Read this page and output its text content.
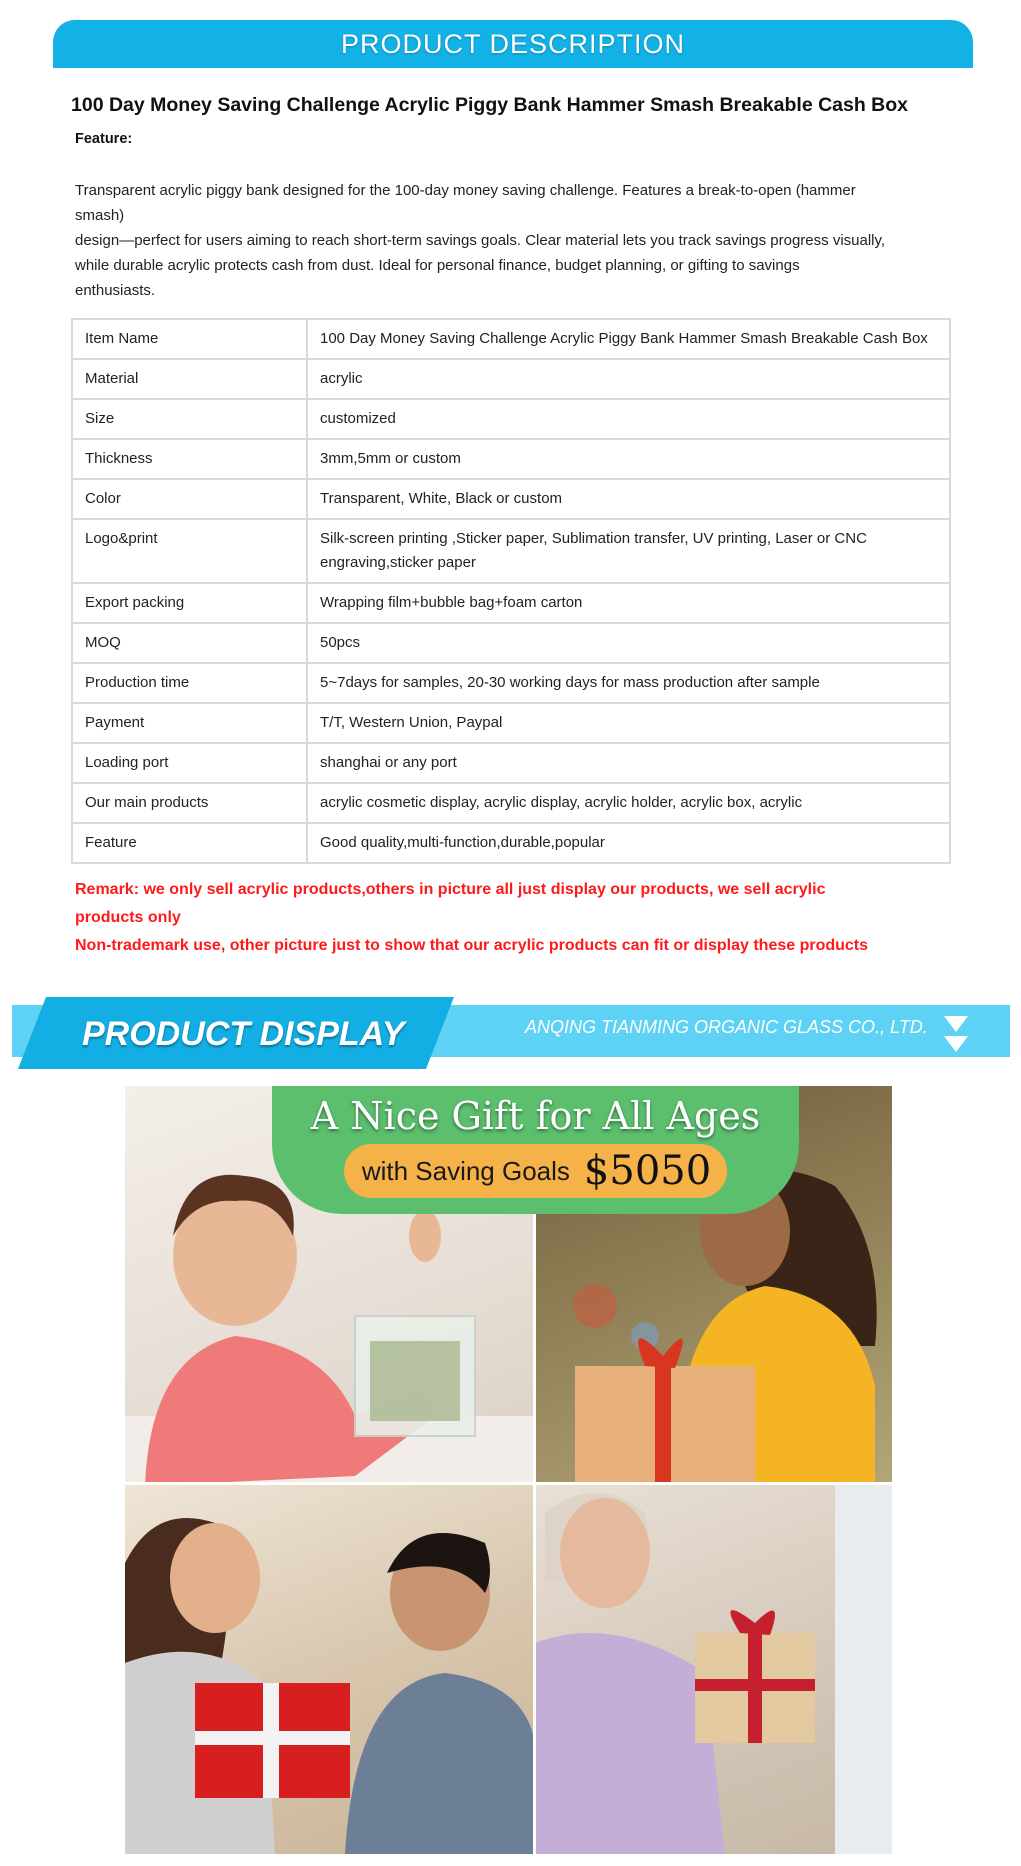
PRODUCT DESCRIPTION
100 Day Money Saving Challenge Acrylic Piggy Bank Hammer Smash Breakable Cash Box
Feature:
Transparent acrylic piggy bank designed for the 100-day money saving challenge. Features a break-to-open (hammer
smash)
design—perfect for users aiming to reach short-term savings goals. Clear material lets you track savings progress visually,
while durable acrylic protects cash from dust. Ideal for personal finance, budget planning, or gifting to savings
enthusiasts.
Item Name	100 Day Money Saving Challenge Acrylic Piggy Bank Hammer Smash Breakable Cash Box
Material	acrylic
Size	customized
Thickness	3mm,5mm or custom
Color	Transparent, White, Black or custom
Logo&print	Silk-screen printing ,Sticker paper, Sublimation transfer, UV printing, Laser or CNC engraving,sticker paper
Export packing	Wrapping film+bubble bag+foam carton
MOQ	50pcs
Production time	5~7days for samples, 20-30 working days for mass production after sample
Payment	T/T, Western Union, Paypal
Loading port	shanghai or any port
Our main products	acrylic cosmetic display, acrylic display, acrylic holder, acrylic box, acrylic
Feature	Good quality,multi-function,durable,popular
Remark: we only sell acrylic products,others in picture all just display our products, we sell acrylic
products only
Non-trademark use, other picture just to show that our acrylic products can fit or display these products
PRODUCT DISPLAY	ANQING TIANMING ORGANIC GLASS CO., LTD.
A Nice Gift for All Ages
with Saving Goals $5050
